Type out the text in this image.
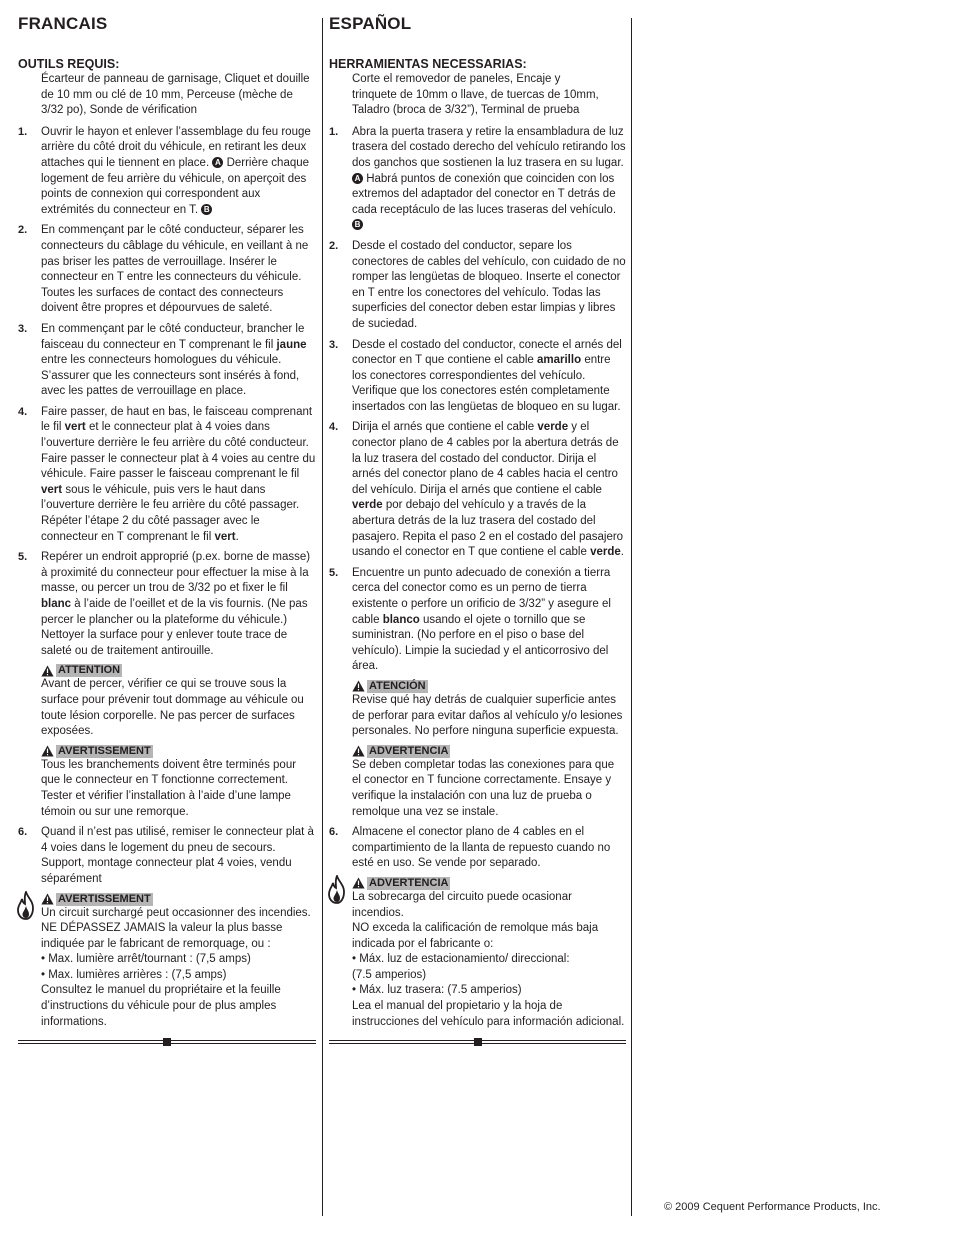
FRANCAIS
OUTILS REQUIS:
Écarteur de panneau de garnisage, Cliquet et douille de 10 mm ou clé de 10 mm, Perceuse (mèche de 3/32 po), Sonde de vérification
1.	Ouvrir le hayon et enlever l’assemblage du feu rouge arrière du côté droit du véhicule, en retirant les deux attaches qui le tiennent en place. A Derrière chaque logement de feu arrière du véhicule, on aperçoit des points de connexion qui correspondent aux extrémités du connecteur en T. B
2.	En commençant par le côté conducteur, séparer les connecteurs du câblage du véhicule, en veillant à ne pas briser les pattes de verrouillage. Insérer le connecteur en T entre les connecteurs du véhicule. Toutes les surfaces de contact des connecteurs doivent être propres et dépourvues de saleté.
3.	En commençant par le côté conducteur, brancher le faisceau du connecteur en T comprenant le fil jaune entre les connecteurs homologues du véhicule. S’assurer que les connecteurs sont insérés à fond, avec les pattes de verrouillage en place.
4.	Faire passer, de haut en bas, le faisceau comprenant le fil vert et le connecteur plat à 4 voies dans l’ouverture derrière le feu arrière du côté conducteur. Faire passer le connecteur plat à 4 voies au centre du véhicule. Faire passer le faisceau comprenant le fil vert sous le véhicule, puis vers le haut dans l’ouverture derrière le feu arrière du côté passager. Répéter l’étape 2 du côté passager avec le connecteur en T comprenant le fil vert.
5.	Repérer un endroit approprié (p.ex. borne de masse) à proximité du connecteur pour effectuer la mise à la masse, ou percer un trou de 3/32 po et fixer le fil blanc à l’aide de l’oeillet et de la vis fournis. (Ne pas percer le plancher ou la plateforme du véhicule.) Nettoyer la surface pour y enlever toute trace de saleté ou de traitement antirouille.
ATTENTION
Avant de percer, vérifier ce qui se trouve sous la surface pour prévenir tout dommage au véhicule ou toute lésion corporelle. Ne pas percer de surfaces exposées.
AVERTISSEMENT
Tous les branchements doivent être terminés pour que le connecteur en T fonctionne correctement. Tester et vérifier l’installation à l’aide d’une lampe témoin ou sur une remorque.
6.	Quand il n’est pas utilisé, remiser le connecteur plat à 4 voies dans le logement du pneu de secours. Support, montage connecteur plat 4 voies, vendu séparément
AVERTISSEMENT
Un circuit surchargé peut occasionner des incendies.
NE DÉPASSEZ JAMAIS la valeur la plus basse indiquée par le fabricant de remorquage, ou :
• Max. lumière arrêt/tournant : (7,5 amps)
• Max. lumières arrières : (7,5 amps)
Consultez le manuel du propriétaire et la feuille d’instructions du véhicule pour de plus amples informations.
ESPAÑOL
HERRAMIENTAS NECESSARIAS:
Corte el removedor de paneles, Encaje y
trinquete de 10mm o llave, de tuercas de 10mm,
Taladro (broca de 3/32”), Terminal de prueba
1.	Abra la puerta trasera y retire la ensambladura de luz trasera del costado derecho del vehículo retirando los dos ganchos que sostienen la luz trasera en su lugar. A Habrá puntos de conexión que coinciden con los extremos del adaptador del conector en T detrás de cada receptáculo de las luces traseras del vehículo. B
2.	Desde el costado del conductor, separe los conectores de cables del vehículo, con cuidado de no romper las lengüetas de bloqueo. Inserte el conector en T entre los conectores del vehículo. Todas las superficies del conector deben estar limpias y libres de suciedad.
3.	Desde el costado del conductor, conecte el arnés del conector en T que contiene el cable amarillo entre los conectores correspondientes del vehículo. Verifique que los conectores estén completamente insertados con las lengüetas de bloqueo en su lugar.
4.	Dirija el arnés que contiene el cable verde y el conector plano de 4 cables por la abertura detrás de la luz trasera del costado del conductor. Dirija el arnés del conector plano de 4 cables hacia el centro del vehículo. Dirija el arnés que contiene el cable verde por debajo del vehículo y a través de la abertura detrás de la luz trasera del costado del pasajero. Repita el paso 2 en el costado del pasajero usando el conector en T que contiene el cable verde.
5.	Encuentre un punto adecuado de conexión a tierra cerca del conector como es un perno de tierra existente o perfore un orificio de 3/32” y asegure el cable blanco usando el ojete o tornillo que se suministran. (No perfore en el piso o base del vehículo). Limpie la suciedad y el anticorrosivo del área.
ATENCIÓN
Revise qué hay detrás de cualquier superficie antes de perforar para evitar daños al vehículo y/o lesiones personales. No perfore ninguna superficie expuesta.
ADVERTENCIA
Se deben completar todas las conexiones para que el conector en T funcione correctamente. Ensaye y verifique la instalación con una luz de prueba o remolque una vez se instale.
6.	Almacene el conector plano de 4 cables en el compartimiento de la llanta de repuesto cuando no esté en uso. Se vende por separado.
ADVERTENCIA
La sobrecarga del circuito puede ocasionar incendios.
NO exceda la calificación de remolque más baja indicada por el fabricante o:
• Máx. luz de estacionamiento/ direccional:
(7.5 amperios)
• Máx. luz trasera: (7.5 amperios)
Lea el manual del propietario y la hoja de instrucciones del vehículo para información adicional.
© 2009 Cequent Performance Products, Inc.
